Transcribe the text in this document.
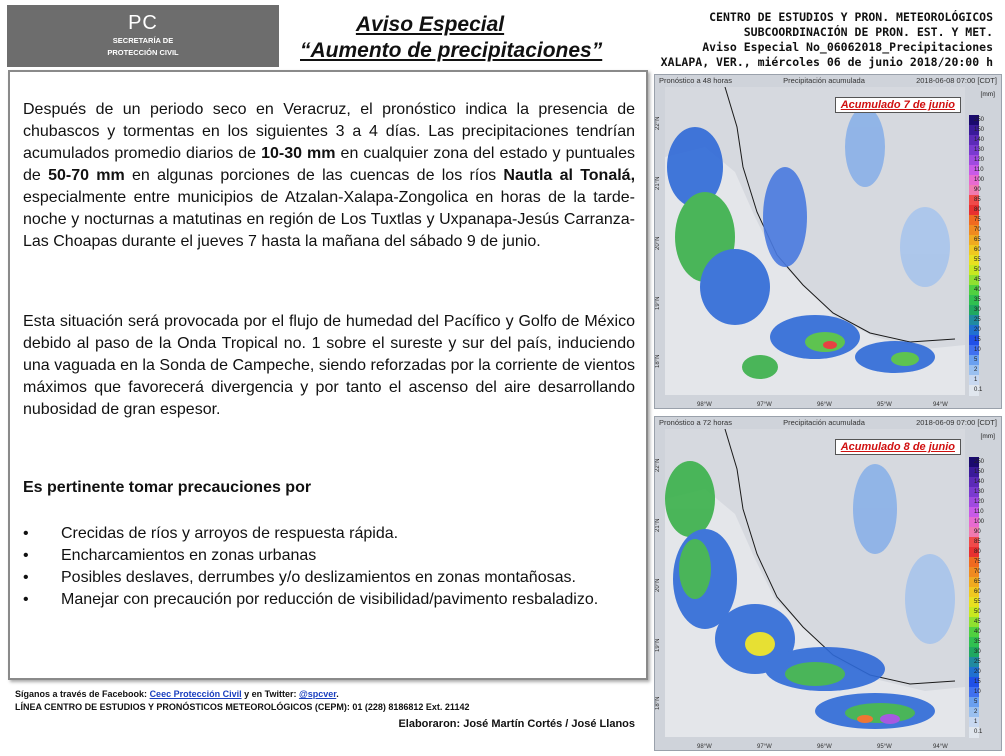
PC
SECRETARÍA DE
PROTECCIÓN CIVIL
Aviso Especial
“Aumento de precipitaciones”
CENTRO DE ESTUDIOS Y PRON. METEOROLÓGICOS
SUBCOORDINACIÓN DE PRON. EST. Y MET.
Aviso Especial No_06062018_Precipitaciones
XALAPA, VER., miércoles 06 de junio 2018/20:00 h
Después de un periodo seco en Veracruz, el pronóstico indica la presencia de chubascos y tormentas en los siguientes 3 a 4 días. Las precipitaciones tendrían acumulados promedio diarios de 10-30 mm en cualquier zona del estado y puntuales de 50-70 mm en algunas porciones de las cuencas de los ríos Nautla al Tonalá, especialmente entre municipios de Atzalan-Xalapa-Zongolica en horas de la tarde-noche y nocturnas a matutinas en región de Los Tuxtlas y Uxpanapa-Jesús Carranza-Las Choapas durante el jueves 7 hasta la mañana del sábado 9 de junio.
Esta situación será provocada por el flujo de humedad del Pacífico y Golfo de México debido al paso de la Onda Tropical no. 1 sobre el sureste y sur del país, induciendo una vaguada en la Sonda de Campeche, siendo reforzadas por la corriente de vientos máximos que favorecerá divergencia y por tanto el ascenso del aire desarrollando nubosidad de gran espesor.
Es pertinente tomar precauciones por
• Crecidas de ríos y arroyos de respuesta rápida.
• Encharcamientos en zonas urbanas
• Posibles deslaves, derrumbes y/o deslizamientos en zonas montañosas.
• Manejar con precaución por reducción de visibilidad/pavimento resbaladizo.
Síganos a través de Facebook: Ceec Protección Civil y en Twitter: @spcver.
LÍNEA CENTRO DE ESTUDIOS Y PRONÓSTICOS METEOROLÓGICOS (CEPM): 01 (228) 8186812 Ext. 21142
Elaboraron: José Martín Cortés / José Llanos
Pronóstico a 48 horas	Precipitación acumulada	2018-06-08 07:00 [CDT]
Acumulado 7 de junio
[mm]
98°W	97°W	96°W	95°W	94°W
22°N
21°N
20°N
19°N
18°N
250
150
140
130
120
110
100
90
85
80
75
70
65
60
55
50
45
40
35
30
25
20
15
10
5
2
1
0.1
Pronóstico a 72 horas	Precipitación acumulada	2018-06-09 07:00 [CDT]
Acumulado 8 de junio
[mm]
98°W	97°W	96°W	95°W	94°W
22°N
21°N
20°N
19°N
18°N
250
150
140
130
120
110
100
90
85
80
75
70
65
60
55
50
45
40
35
30
25
20
15
10
5
2
1
0.1
